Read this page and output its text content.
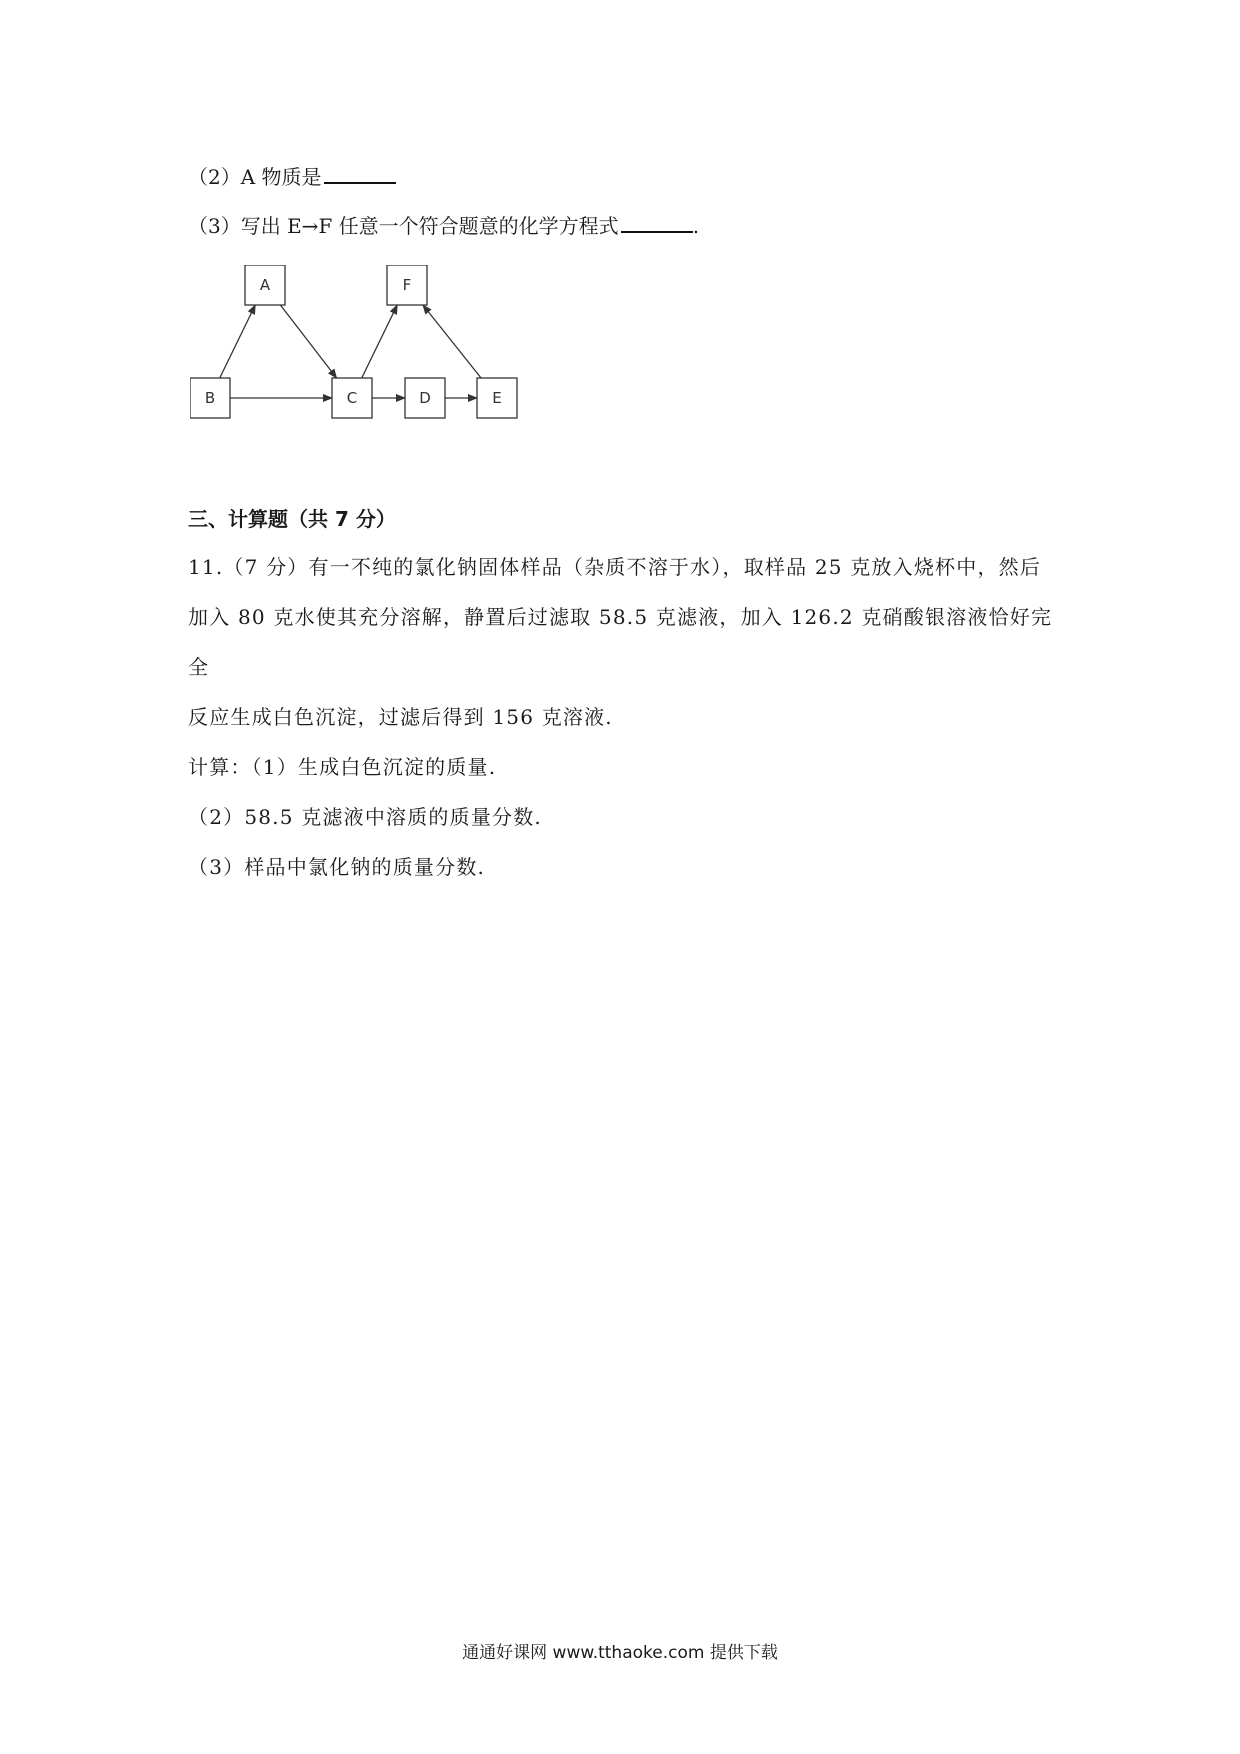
（2）A 物质是
（3）写出 E→F 任意一个符合题意的化学方程式	.
A	F
B	C	D	E
三、计算题（共 7 分）
11.（7 分）有一不纯的氯化钠固体样品（杂质不溶于水），取样品 25 克放入烧杯中，然后
加入 80 克水使其充分溶解，静置后过滤取 58.5 克滤液，加入 126.2 克硝酸银溶液恰好完全
反应生成白色沉淀，过滤后得到 156 克溶液.
计算：（1）生成白色沉淀的质量.
（2）58.5 克滤液中溶质的质量分数.
（3）样品中氯化钠的质量分数.
通通好课网 www.tthaoke.com 提供下载
